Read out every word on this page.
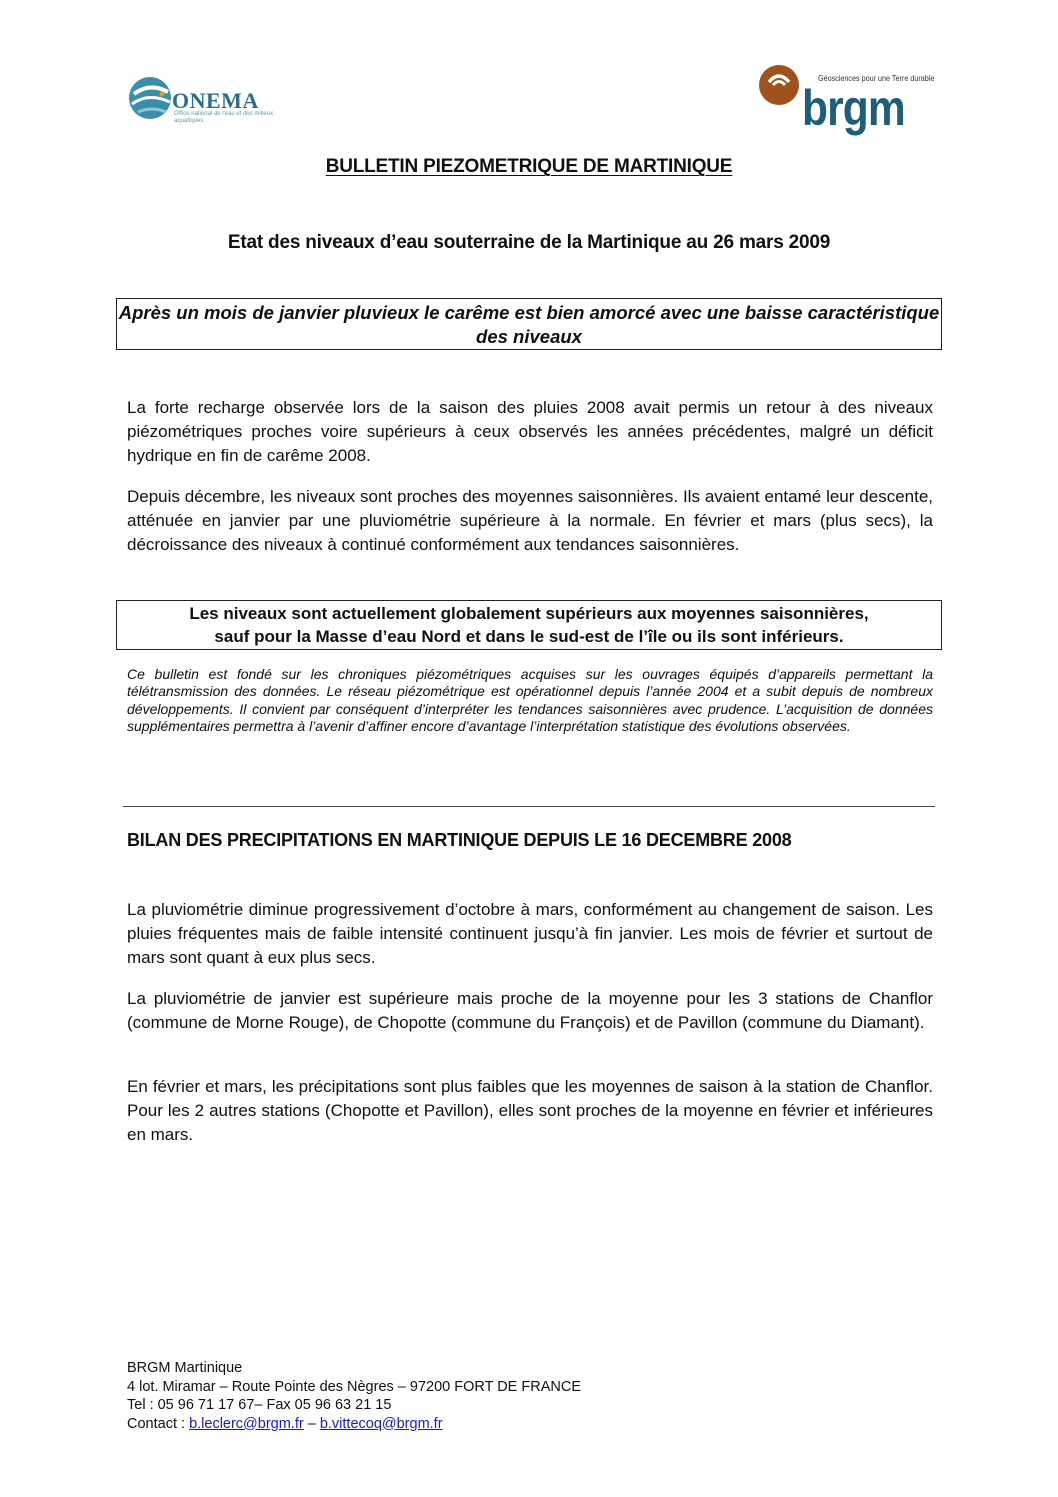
ONEMA
Office national de l'eau et des milieux aquatiques
Géosciences pour une Terre durable
brgm
BULLETIN PIEZOMETRIQUE DE MARTINIQUE
Etat des niveaux d’eau souterraine de la Martinique au 26 mars 2009
Après un mois de janvier pluvieux le carême est bien amorcé avec une baisse caractéristique des niveaux
La forte recharge observée lors de la saison des pluies 2008 avait permis un retour à des niveaux piézométriques proches voire supérieurs à ceux observés les années précédentes, malgré un déficit hydrique en fin de carême 2008.
Depuis décembre, les niveaux sont proches des moyennes saisonnières. Ils avaient entamé leur descente, atténuée en janvier par une pluviométrie supérieure à la normale. En février et mars (plus secs), la décroissance des niveaux à continué conformément aux tendances saisonnières.
Les niveaux sont actuellement globalement supérieurs aux moyennes saisonnières,
sauf pour la Masse d’eau Nord et dans le sud-est de l’île ou ils sont inférieurs.
Ce bulletin est fondé sur les chroniques piézométriques acquises sur les ouvrages équipés d’appareils permettant la télétransmission des données. Le réseau piézométrique est opérationnel depuis l’année 2004 et a subit depuis de nombreux développements. Il convient par conséquent d’interpréter les tendances saisonnières avec prudence. L’acquisition de données supplémentaires permettra à l’avenir d’affiner encore d’avantage l’interprétation statistique des évolutions observées.
BILAN DES PRECIPITATIONS EN MARTINIQUE DEPUIS LE 16 DECEMBRE 2008
La pluviométrie diminue progressivement d’octobre à mars, conformément au changement de saison. Les pluies fréquentes mais de faible intensité continuent jusqu’à fin janvier. Les mois de février et surtout de mars sont quant à eux plus secs.
La pluviométrie de janvier est supérieure mais proche de la moyenne pour les 3 stations de Chanflor (commune de Morne Rouge), de Chopotte (commune du François) et de Pavillon (commune du Diamant).
En février et mars, les précipitations sont plus faibles que les moyennes de saison à la station de Chanflor. Pour les 2 autres stations (Chopotte et Pavillon), elles sont proches de la moyenne en février et inférieures en mars.
BRGM Martinique
4 lot. Miramar – Route Pointe des Nègres – 97200 FORT DE FRANCE
Tel : 05 96 71 17 67– Fax 05 96 63 21 15
Contact : b.leclerc@brgm.fr – b.vittecoq@brgm.fr
